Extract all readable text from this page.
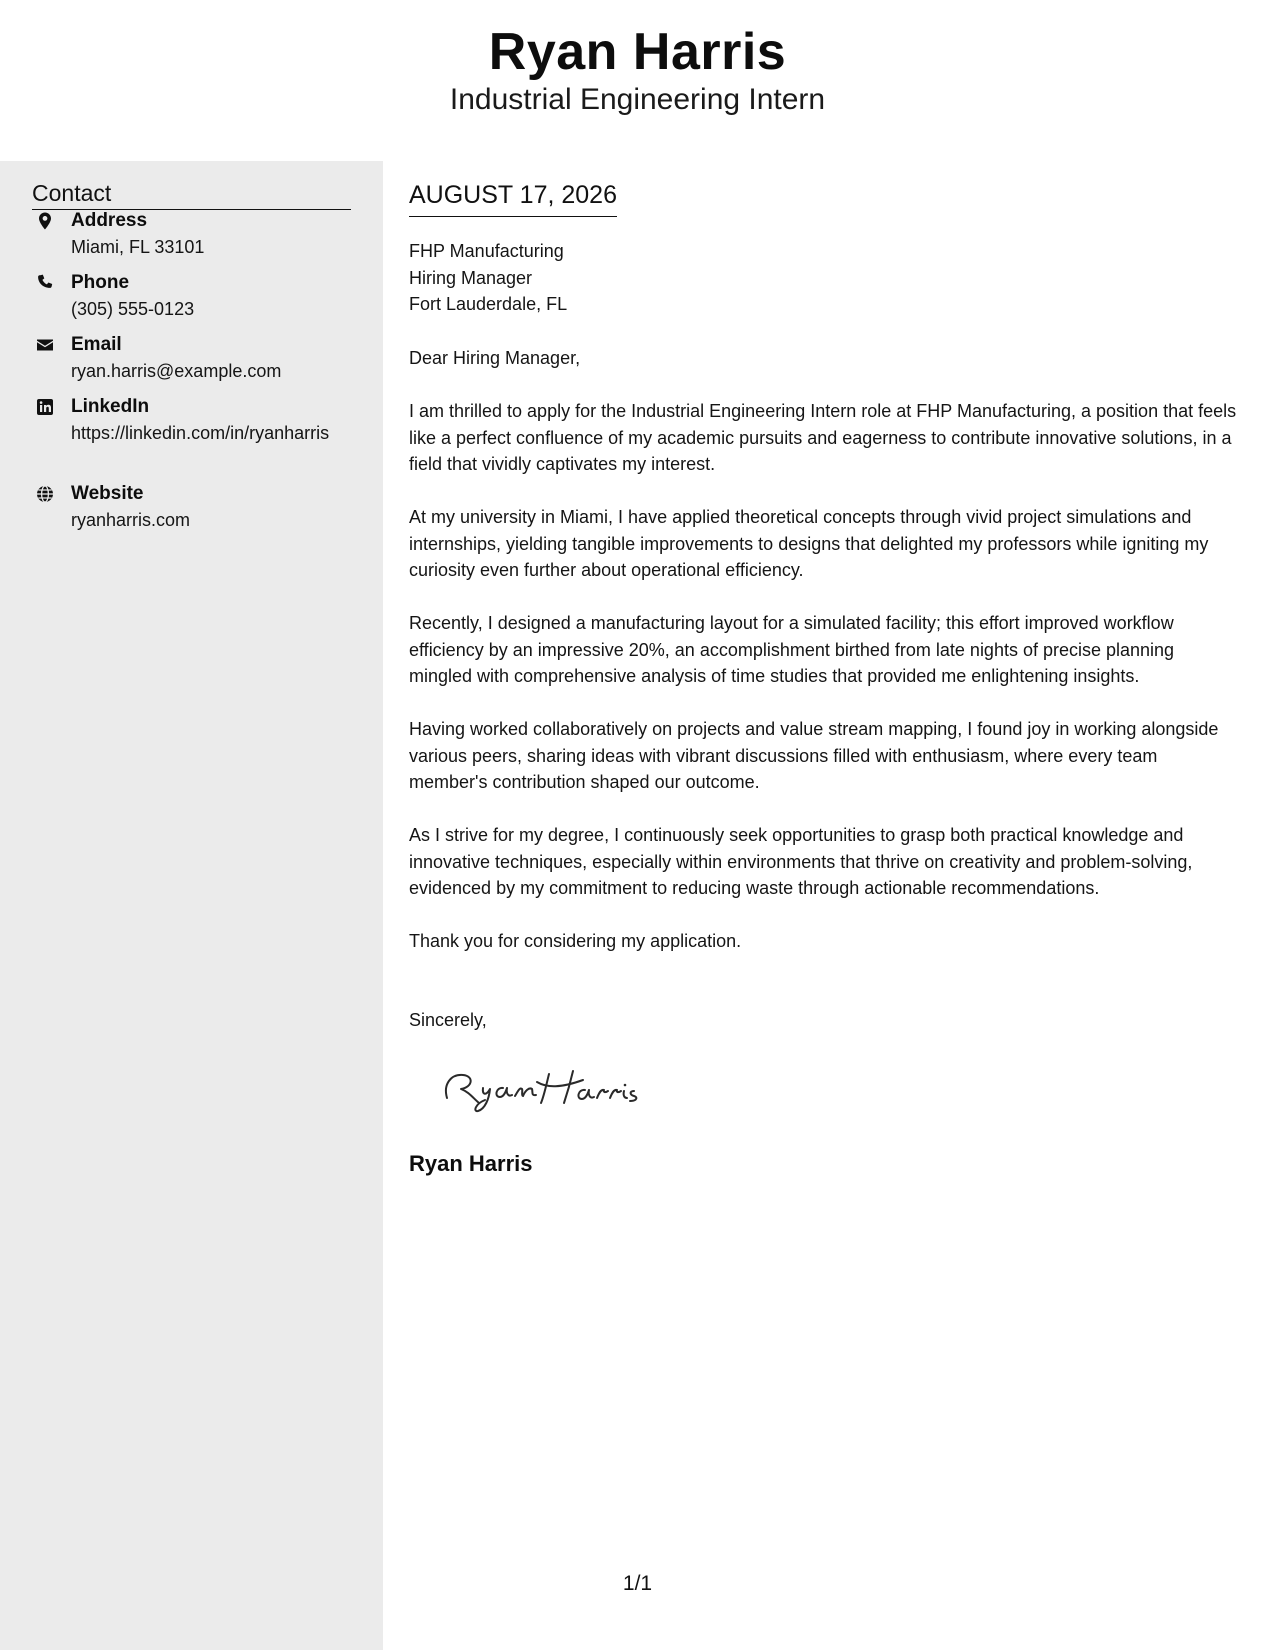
Ryan Harris
Industrial Engineering Intern
Contact
Address
Miami, FL 33101
Phone
(305) 555-0123
Email
ryan.harris@example.com
LinkedIn
https://linkedin.com/in/ryanharris
Website
ryanharris.com
AUGUST 17, 2026
FHP Manufacturing
Hiring Manager
Fort Lauderdale, FL

Dear Hiring Manager,

I am thrilled to apply for the Industrial Engineering Intern role at FHP Manufacturing, a position that feels like a perfect confluence of my academic pursuits and eagerness to contribute innovative solutions, in a field that vividly captivates my interest.

At my university in Miami, I have applied theoretical concepts through vivid project simulations and internships, yielding tangible improvements to designs that delighted my professors while igniting my curiosity even further about operational efficiency.

Recently, I designed a manufacturing layout for a simulated facility; this effort improved workflow efficiency by an impressive 20%, an accomplishment birthed from late nights of precise planning mingled with comprehensive analysis of time studies that provided me enlightening insights.

Having worked collaboratively on projects and value stream mapping, I found joy in working alongside various peers, sharing ideas with vibrant discussions filled with enthusiasm, where every team member's contribution shaped our outcome.

As I strive for my degree, I continuously seek opportunities to grasp both practical knowledge and innovative techniques, especially within environments that thrive on creativity and problem-solving, evidenced by my commitment to reducing waste through actionable recommendations.

Thank you for considering my application.

Sincerely,

Ryan Harris
1/1
